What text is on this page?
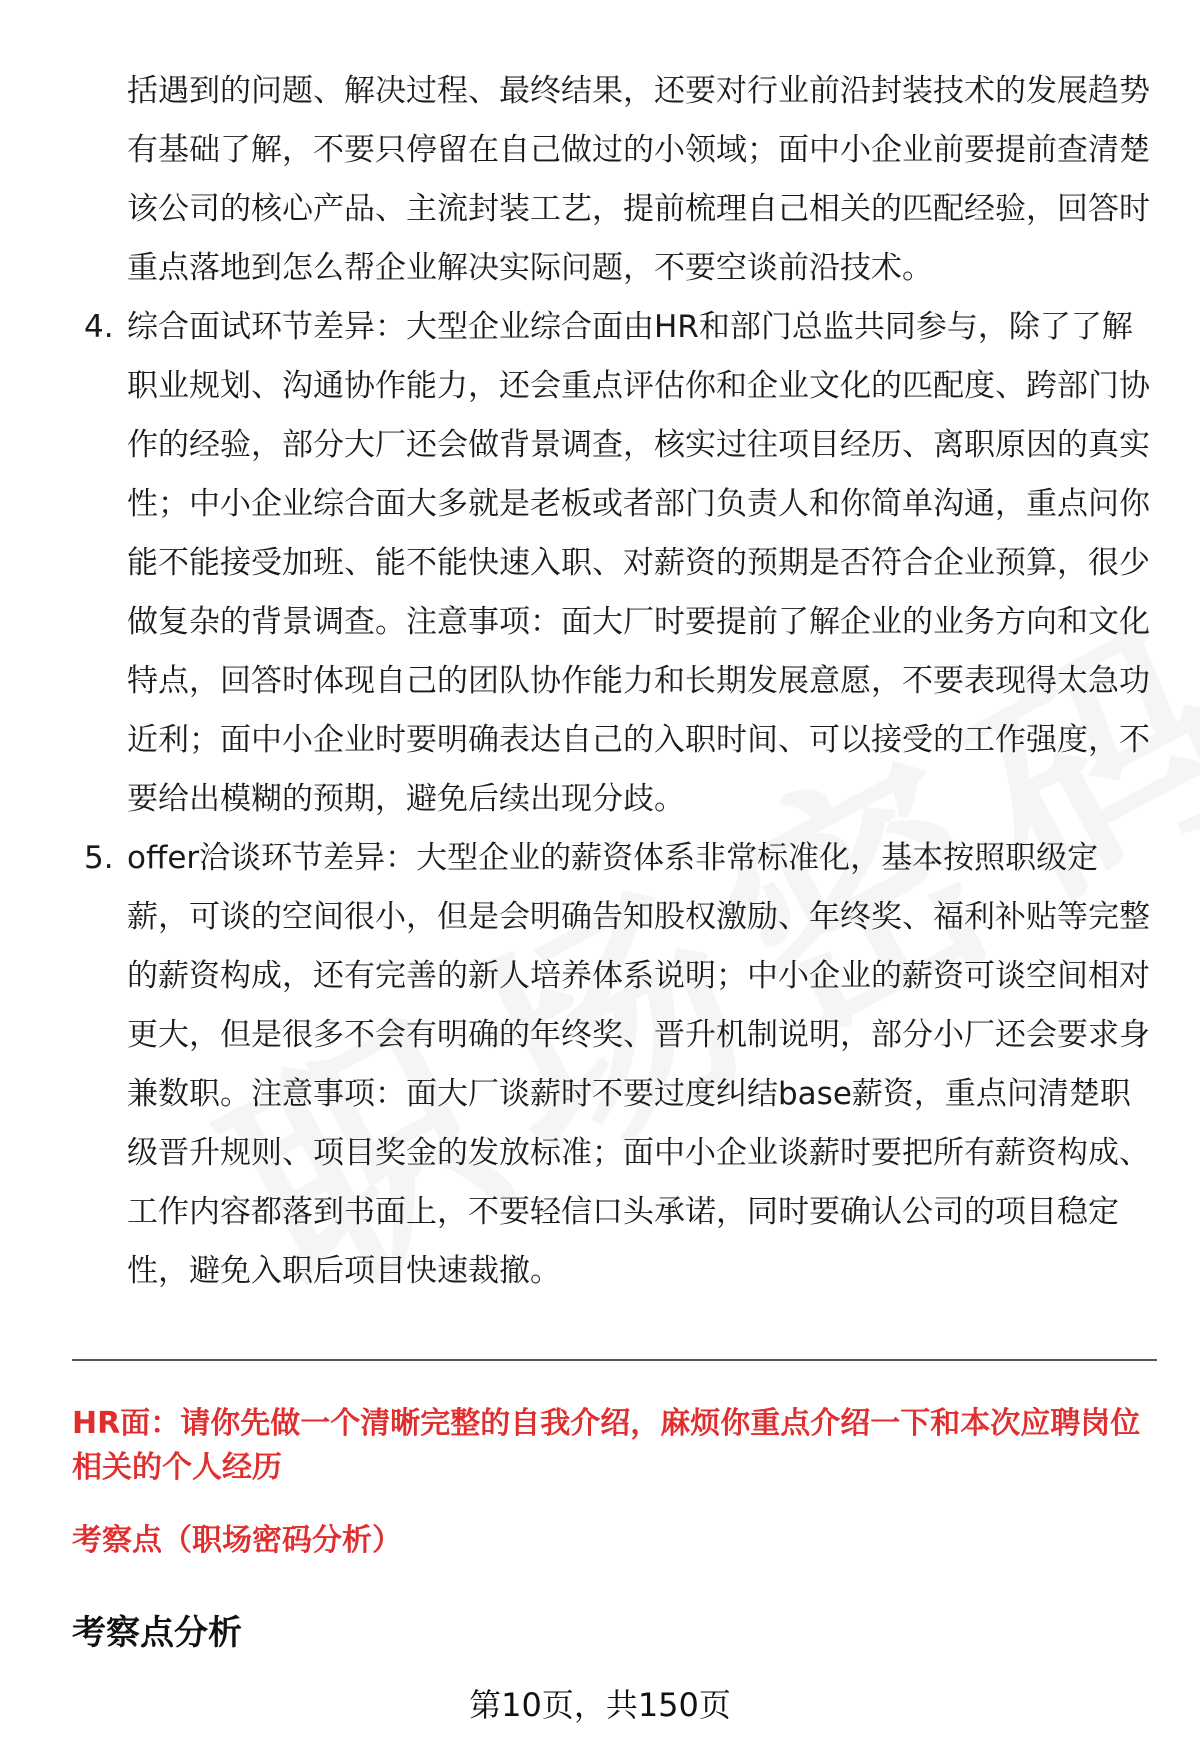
括遇到的问题、解决过程、最终结果，还要对行业前沿封装技术的发展趋势有基础了解，不要只停留在自己做过的小领域；面中小企业前要提前查清楚该公司的核心产品、主流封装工艺，提前梳理自己相关的匹配经验，回答时重点落地到怎么帮企业解决实际问题，不要空谈前沿技术。

4. 综合面试环节差异：大型企业综合面由HR和部门总监共同参与，除了了解职业规划、沟通协作能力，还会重点评估你和企业文化的匹配度、跨部门协作的经验，部分大厂还会做背景调查，核实过往项目经历、离职原因的真实性；中小企业综合面大多就是老板或者部门负责人和你简单沟通，重点问你能不能接受加班、能不能快速入职、对薪资的预期是否符合企业预算，很少做复杂的背景调查。注意事项：面大厂时要提前了解企业的业务方向和文化特点，回答时体现自己的团队协作能力和长期发展意愿，不要表现得太急功近利；面中小企业时要明确表达自己的入职时间、可以接受的工作强度，不要给出模糊的预期，避免后续出现分歧。
5. offer洽谈环节差异：大型企业的薪资体系非常标准化，基本按照职级定薪，可谈的空间很小，但是会明确告知股权激励、年终奖、福利补贴等完整的薪资构成，还有完善的新人培养体系说明；中小企业的薪资可谈空间相对更大，但是很多不会有明确的年终奖、晋升机制说明，部分小厂还会要求身兼数职。注意事项：面大厂谈薪时不要过度纠结base薪资，重点问清楚职级晋升规则、项目奖金的发放标准；面中小企业谈薪时要把所有薪资构成、工作内容都落到书面上，不要轻信口头承诺，同时要确认公司的项目稳定性，避免入职后项目快速裁撤。
HR面：请你先做一个清晰完整的自我介绍，麻烦你重点介绍一下和本次应聘岗位相关的个人经历
考察点（职场密码分析）
考察点分析
第10页，共150页
